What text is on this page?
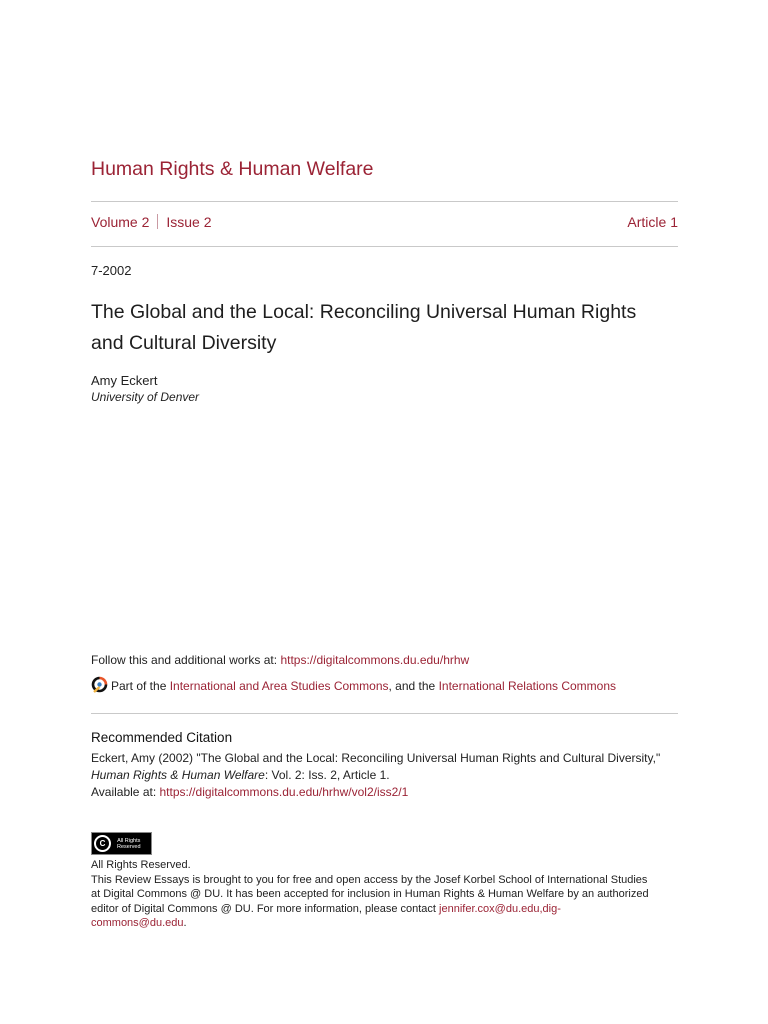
Human Rights & Human Welfare
Volume 2 Issue 2	Article 1
7-2002
The Global and the Local: Reconciling Universal Human Rights
and Cultural Diversity
Amy Eckert
University of Denver
Follow this and additional works at: https://digitalcommons.du.edu/hrhw
Part of the
International and Area Studies Commons , and the
International Relations Commons
Recommended Citation
Eckert, Amy (2002) "The Global and the Local: Reconciling Universal Human Rights and Cultural Diversity,"
Human Rights & Human Welfare: Vol. 2: Iss. 2, Article 1.
Available at: https://digitalcommons.du.edu/hrhw/vol2/iss2/1
C	All Rights
Reserved
All Rights Reserved.
This Review Essays is brought to you for free and open access by the Josef Korbel School of International Studies
at Digital Commons @ DU. It has been accepted for inclusion in Human Rights & Human Welfare by an authorized
editor of Digital Commons @ DU. For more information, please contact jennifer.cox@du.edu,dig-
commons@du.edu.
